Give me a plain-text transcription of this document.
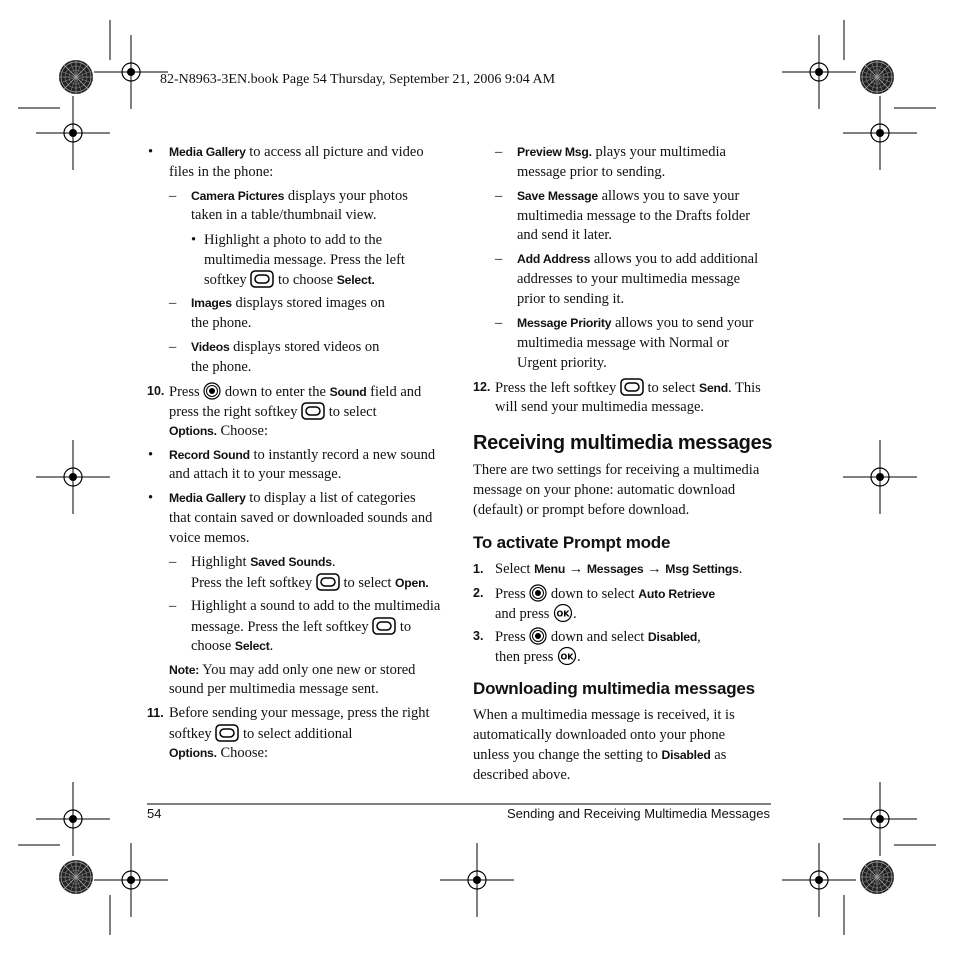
82-N8963-3EN.book Page 54 Thursday, September 21, 2006 9:04 AM
• Media Gallery to access all picture and video
files in the phone:
– Camera Pictures displays your photos
taken in a table/thumbnail view.
• Highlight a photo to add to the
multimedia message. Press the left
softkey  to choose Select.
– Images displays stored images on
the phone.
– Videos displays stored videos on
the phone.
10. Press  down to enter the Sound field and
press the right softkey  to select
Options. Choose:
• Record Sound to instantly record a new sound
and attach it to your message.
• Media Gallery to display a list of categories
that contain saved or downloaded sounds and
voice memos.
– Highlight Saved Sounds.
Press the left softkey  to select Open.
– Highlight a sound to add to the multimedia
message. Press the left softkey  to
choose Select.
Note: You may add only one new or stored
sound per multimedia message sent.
11. Before sending your message, press the right
softkey  to select additional
Options. Choose:
– Preview Msg. plays your multimedia
message prior to sending.
– Save Message allows you to save your
multimedia message to the Drafts folder
and send it later.
– Add Address allows you to add additional
addresses to your multimedia message
prior to sending it.
– Message Priority allows you to send your
multimedia message with Normal or
Urgent priority.
12. Press the left softkey  to select Send. This
will send your multimedia message.
Receiving multimedia messages
There are two settings for receiving a multimedia
message on your phone: automatic download
(default) or prompt before download.
To activate Prompt mode
1. Select Menu → Messages → Msg Settings.
2. Press  down to select Auto Retrieve
and press OK .
3. Press  down and select Disabled,
then press OK .
Downloading multimedia messages
When a multimedia message is received, it is
automatically downloaded onto your phone
unless you change the setting to Disabled as
described above.
54	Sending and Receiving Multimedia Messages
